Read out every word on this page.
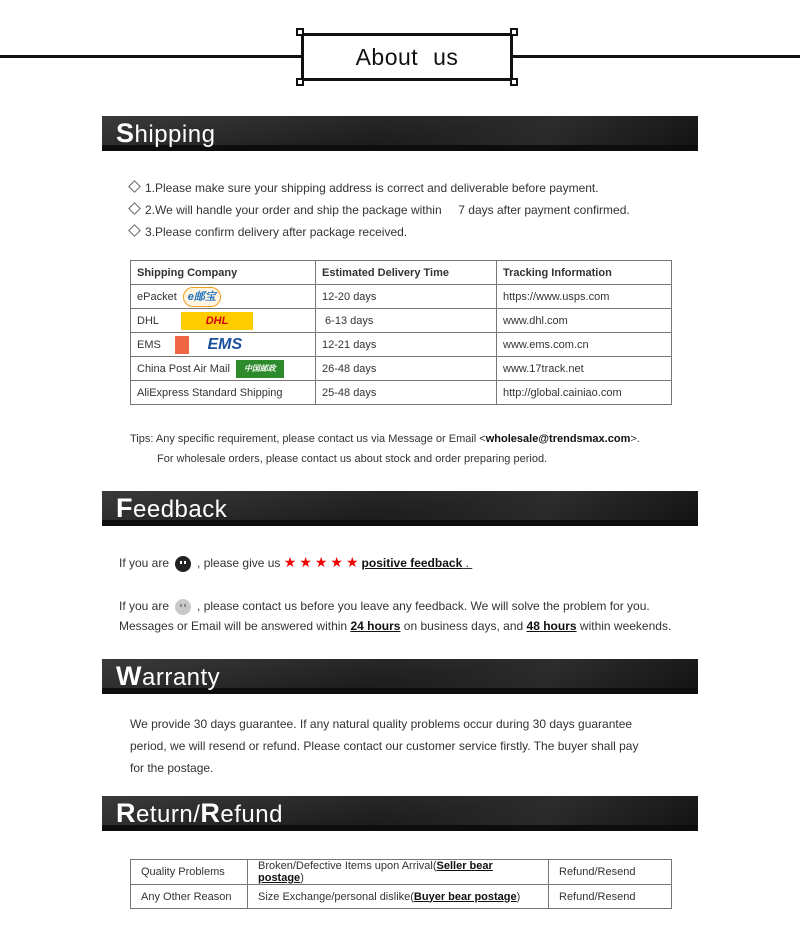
About us
Shipping
1.Please make sure your shipping address is correct and deliverable before payment.
2.We will handle your order and ship the package within     7 days after payment confirmed.
3.Please confirm delivery after package received.
Shipping Company	Estimated Delivery Time	Tracking Information
ePacket e邮宝	12-20 days	https://www.usps.com
DHL DHL	6-13 days	www.dhl.com
EMS EMS	12-21 days	www.ems.com.cn
China Post Air Mail 中国邮政	26-48 days	www.17track.net
AliExpress Standard Shipping	25-48 days	http://global.cainiao.com
Tips: Any specific requirement, please contact us via Message or Email <wholesale@trendsmax.com>.
For wholesale orders, please contact us about stock and order preparing period.
Feedback
If you are , please give us ★★★★★positive feedback .
If you are , please contact us before you leave any feedback. We will solve the problem for you.
Messages or Email will be answered within 24 hours on business days, and 48 hours within weekends.
Warranty
We provide 30 days guarantee. If any natural quality problems occur during 30 days guarantee
period, we will resend or refund. Please contact our customer service firstly. The buyer shall pay
for the postage.
Return/Refund
Quality Problems	Broken/Defective Items upon Arrival(Seller bear postage)	Refund/Resend
Any Other Reason	Size Exchange/personal dislike(Buyer bear postage)	Refund/Resend
